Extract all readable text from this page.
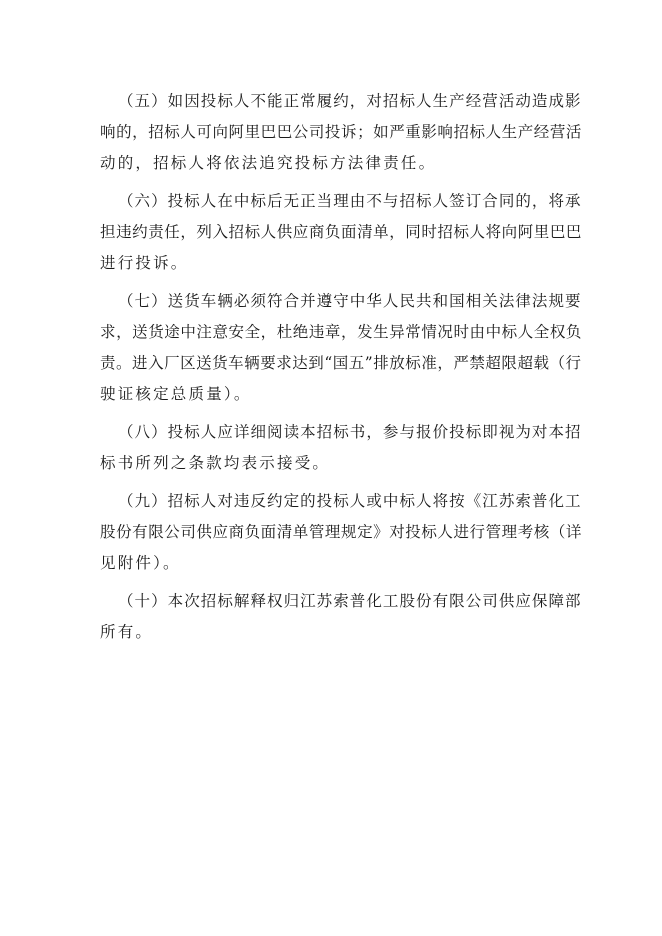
（五）如因投标人不能正常履约，对招标人生产经营活动造成影
响的，招标人可向阿里巴巴公司投诉；如严重影响招标人生产经营活
动的，招标人将依法追究投标方法律责任。

（六）投标人在中标后无正当理由不与招标人签订合同的，将承
担违约责任，列入招标人供应商负面清单，同时招标人将向阿里巴巴
进行投诉。

（七）送货车辆必须符合并遵守中华人民共和国相关法律法规要
求，送货途中注意安全，杜绝违章，发生异常情况时由中标人全权负
责。进入厂区送货车辆要求达到“国五”排放标准，严禁超限超载（行
驶证核定总质量）。

（八）投标人应详细阅读本招标书，参与报价投标即视为对本招
标书所列之条款均表示接受。

（九）招标人对违反约定的投标人或中标人将按《江苏索普化工
股份有限公司供应商负面清单管理规定》对投标人进行管理考核（详
见附件）。

（十）本次招标解释权归江苏索普化工股份有限公司供应保障部
所有。
